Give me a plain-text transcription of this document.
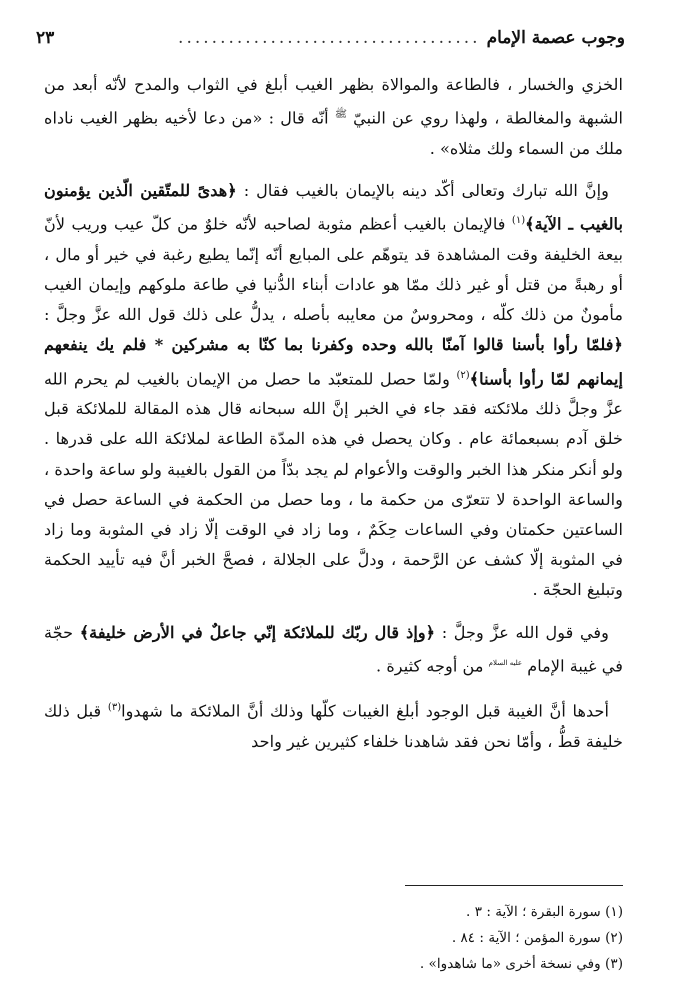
وجوب عصمة الإمام
....................................
٢٣

الخزي والخسار ، فالطاعة والموالاة بظهر الغيب أبلغ في الثواب والمدح لأنّه أبعد من الشبهة والمغالطة ، ولهذا روي عن النبيّ $^ﷺ$ أنّه قال : «من دعا لأخيه بظهر الغيب ناداه ملك من السماء ولك مثلاه» .

وإنَّ الله تبارك وتعالى أكّد دينه بالإيمان بالغيب فقال : ﴿هدىً للمتّقين الّذين يؤمنون بالغيب ـ الآية﴾$^{(١)}$ فالإيمان بالغيب أعظم مثوبة لصاحبه لأنّه خلوٌ من كلّ عيب وريب لأنّ بيعة الخليفة وقت المشاهدة قد يتوهّم على المبايع أنّه إنّما يطيع رغبة في خير أو مال ، أو رهبةً من قتل أو غير ذلك ممّا هو عادات أبناء الدُّنيا في طاعة ملوكهم وإيمان الغيب مأمونٌ من ذلك كلّه ، ومحروسٌ من معايبه بأصله ، يدلُّ على ذلك قول الله عزَّ وجلَّ : ﴿فلمّا رأوا بأسنا قالوا آمنّا بالله وحده وكفرنا بما كنّا به مشركين * فلم يك ينفعهم إيمانهم لمّا رأوا بأسنا﴾$^{(٢)}$ ولمّا حصل للمتعبّد ما حصل من الإيمان بالغيب لم يحرم الله عزَّ وجلَّ ذلك ملائكته فقد جاء في الخبر إنَّ الله سبحانه قال هذه المقالة للملائكة قبل خلق آدم بسبعمائة عام . وكان يحصل في هذه المدّة الطاعة لملائكة الله على قدرها . ولو أنكر منكر هذا الخبر والوقت والأعوام لم يجد بدّاً من القول بالغيبة ولو ساعة واحدة ، والساعة الواحدة لا تتعرّى من حكمة ما ، وما حصل من الحكمة في الساعة حصل في الساعتين حكمتان وفي الساعات حِكَمٌ ، وما زاد في الوقت إلّا زاد في المثوبة وما زاد في المثوبة إلّا كشف عن الرَّحمة ، ودلَّ على الجلالة ، فصحَّ الخبر أنَّ فيه تأييد الحكمة وتبليغ الحجّة .

وفي قول الله عزَّ وجلَّ : ﴿وإذ قال ربّك للملائكة إنّي جاعلٌ في الأرض خليفة﴾ حجّة في غيبة الإمام $^{عليه السلام}$ من أوجه كثيرة .

أحدها أنَّ الغيبة قبل الوجود أبلغ الغيبات كلّها وذلك أنَّ الملائكة ما شهدوا$^{(٣)}$ قبل ذلك خليفة قطُّ ، وأمّا نحن فقد شاهدنا خلفاء كثيرين غير واحد

(١) سورة البقرة ؛ الآية : ٣ .
(٢) سورة المؤمن ؛ الآية : ٨٤ .
(٣) وفي نسخة أخرى «ما شاهدوا» .
